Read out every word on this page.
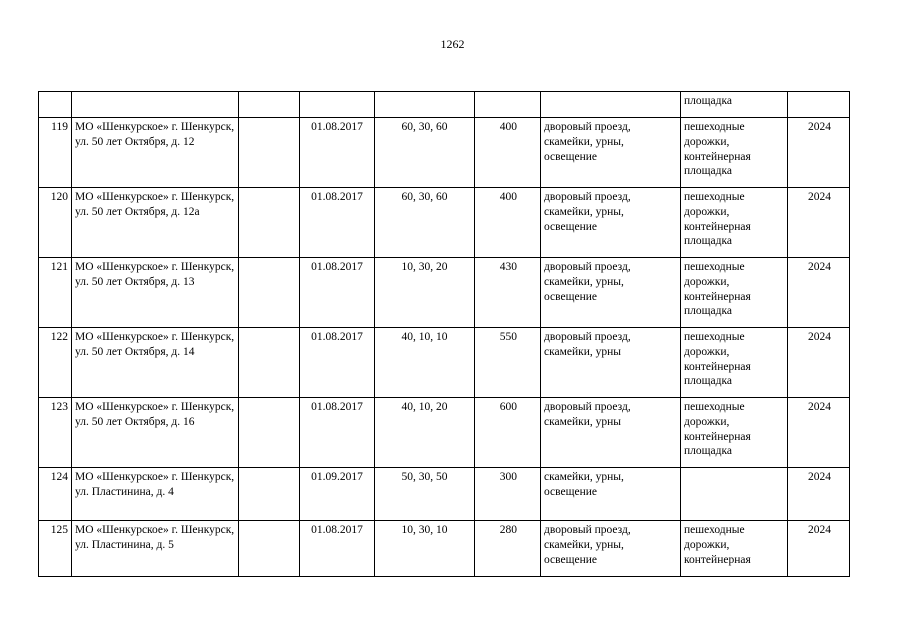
1262
							площадка	
119	МО «Шенкурское» г. Шенкурск, ул. 50 лет Октября, д. 12		01.08.2017	60, 30, 60	400	дворовый проезд, скамейки, урны, освещение	пешеходные дорожки, контейнерная площадка	2024
120	МО «Шенкурское» г. Шенкурск, ул. 50 лет Октября, д. 12а		01.08.2017	60, 30, 60	400	дворовый проезд, скамейки, урны, освещение	пешеходные дорожки, контейнерная площадка	2024
121	МО «Шенкурское» г. Шенкурск, ул. 50 лет Октября, д. 13		01.08.2017	10, 30, 20	430	дворовый проезд, скамейки, урны, освещение	пешеходные дорожки, контейнерная площадка	2024
122	МО «Шенкурское» г. Шенкурск, ул. 50 лет Октября, д. 14		01.08.2017	40, 10, 10	550	дворовый проезд, скамейки, урны	пешеходные дорожки, контейнерная площадка	2024
123	МО «Шенкурское» г. Шенкурск, ул. 50 лет Октября, д. 16		01.08.2017	40, 10, 20	600	дворовый проезд, скамейки, урны	пешеходные дорожки, контейнерная площадка	2024
124	МО «Шенкурское» г. Шенкурск, ул. Пластинина, д. 4		01.09.2017	50, 30, 50	300	скамейки, урны, освещение		2024
125	МО «Шенкурское» г. Шенкурск, ул. Пластинина, д. 5		01.08.2017	10, 30, 10	280	дворовый проезд, скамейки, урны, освещение	пешеходные дорожки, контейнерная	2024
